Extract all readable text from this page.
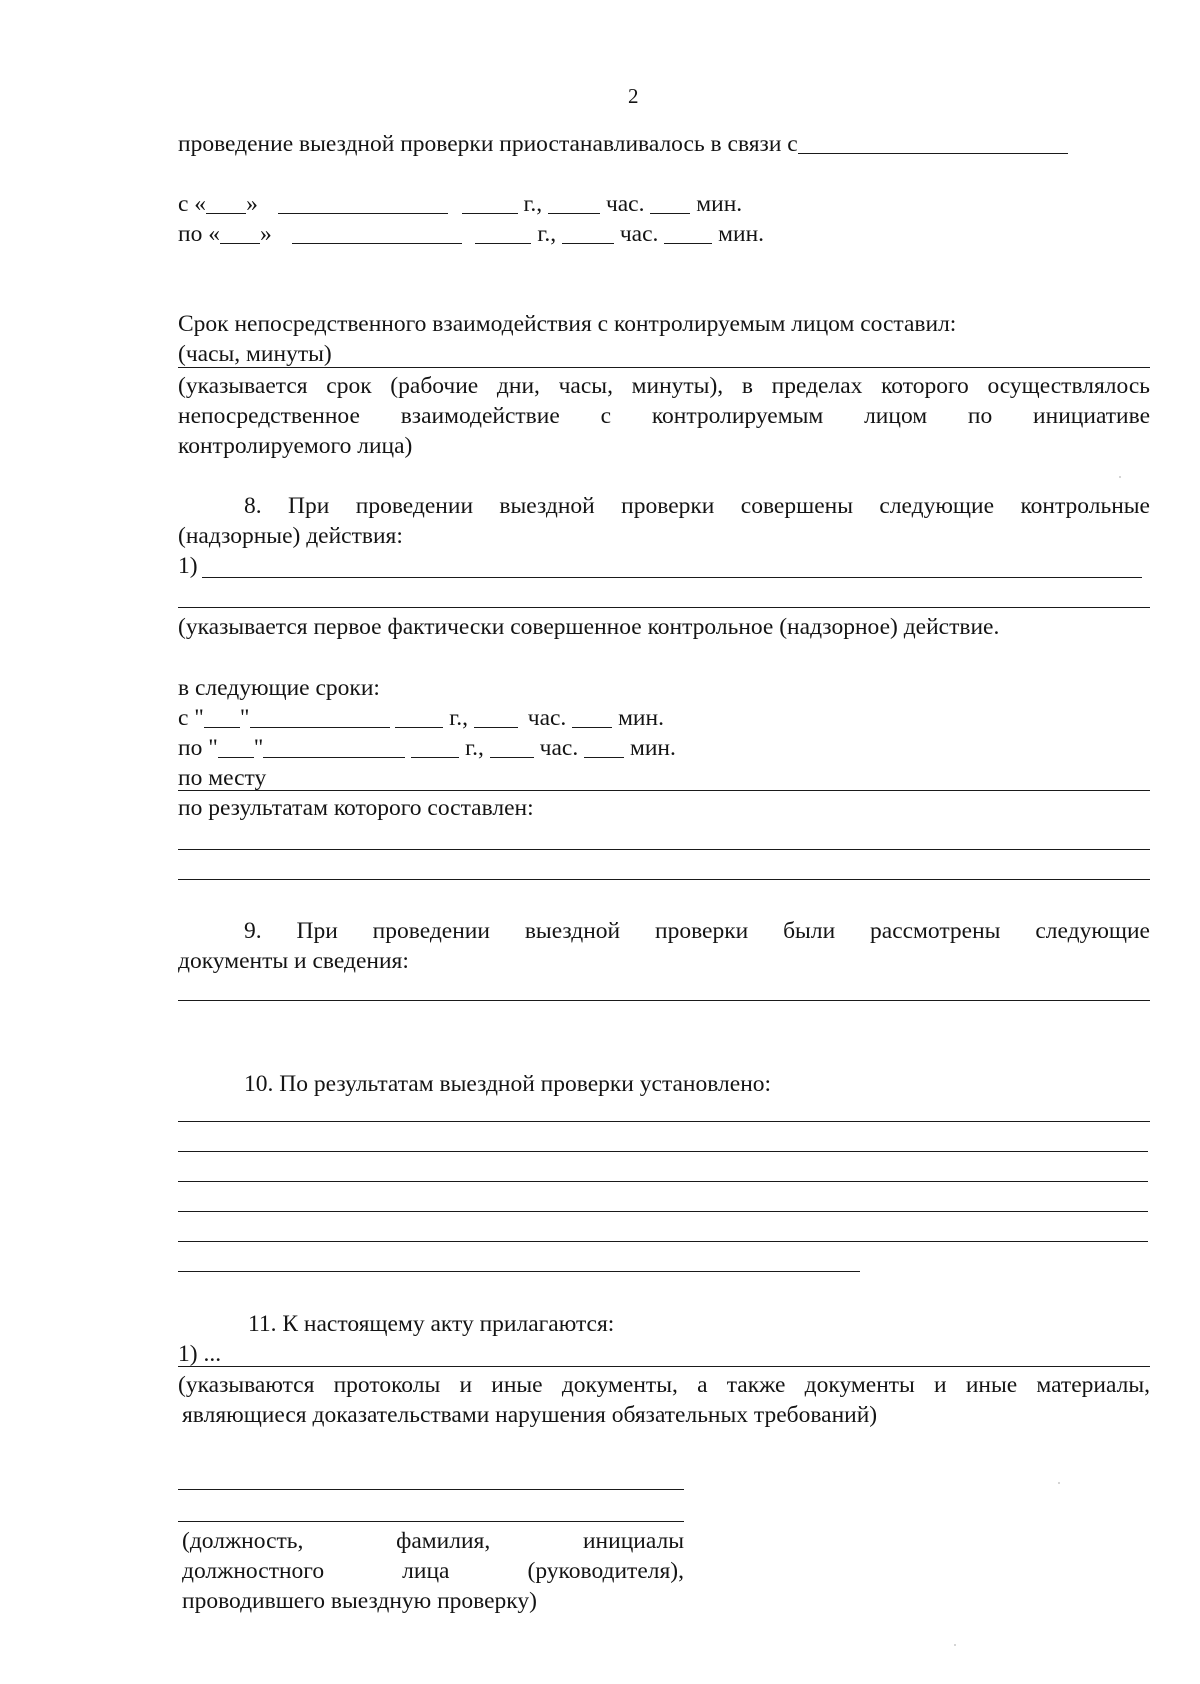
2
проведение выездной проверки приостанавливалось в связи с
с « »	г.,	час. мин.
по « »	г.,	час.	мин.
Срок непосредственного взаимодействия с контролируемым лицом составил:
(часы, минуты)
(указывается срок (рабочие дни, часы, минуты), в пределах которого осуществлялось
непосредственное взаимодействие с контролируемым лицом по инициативе
контролируемого лица)
8. При проведении выездной проверки совершены следующие контрольные
(надзорные) действия:
1)
(указывается первое фактически совершенное контрольное (надзорное) действие.
в следующие сроки:
с " "	г.,	час. мин.
по " "	г., час. мин.
по месту
по результатам которого составлен:
9. При проведении выездной проверки были рассмотрены следующие
документы и сведения:
10. По результатам выездной проверки установлено:
11. К настоящему акту прилагаются:
1) ...
(указываются протоколы и иные документы, а также документы и иные материалы,
являющиеся доказательствами нарушения обязательных требований)
(должность, фамилия, инициалы
должностного лица (руководителя),
проводившего выездную проверку)
